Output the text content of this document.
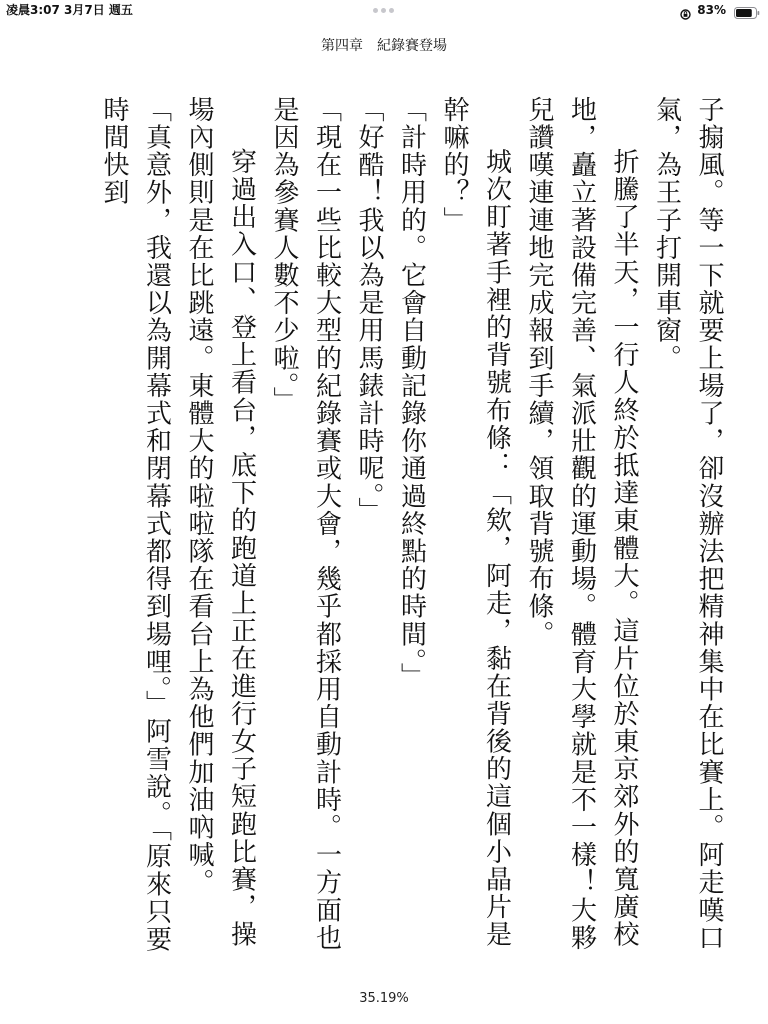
凌晨3:07 3月7日 週五	83%
第四章　紀錄賽登場

子搧風。等一下就要上場了，卻沒辦法把精神集中在比賽上。阿走嘆口氣，為王子打開車窗。

折騰了半天，一行人終於抵達東體大。這片位於東京郊外的寬廣校地，矗立著設備完善、氣派壯觀的運動場。體育大學就是不一樣！大夥兒讚嘆連連地完成報到手續，領取背號布條。

城次盯著手裡的背號布條：「欸，阿走，黏在背後的這個小晶片是幹嘛的？」

「計時用的。它會自動記錄你通過終點的時間。」

「好酷！我以為是用馬錶計時呢。」

「現在一些比較大型的紀錄賽或大會，幾乎都採用自動計時。一方面也是因為參賽人數不少啦。」

穿過出入口、登上看台，底下的跑道上正在進行女子短跑比賽，操場內側則是在比跳遠。東體大的啦啦隊在看台上為他們加油吶喊。

「真意外，我還以為開幕式和閉幕式都得到場哩。」阿雪說。「原來只要時間快到

35.19%
